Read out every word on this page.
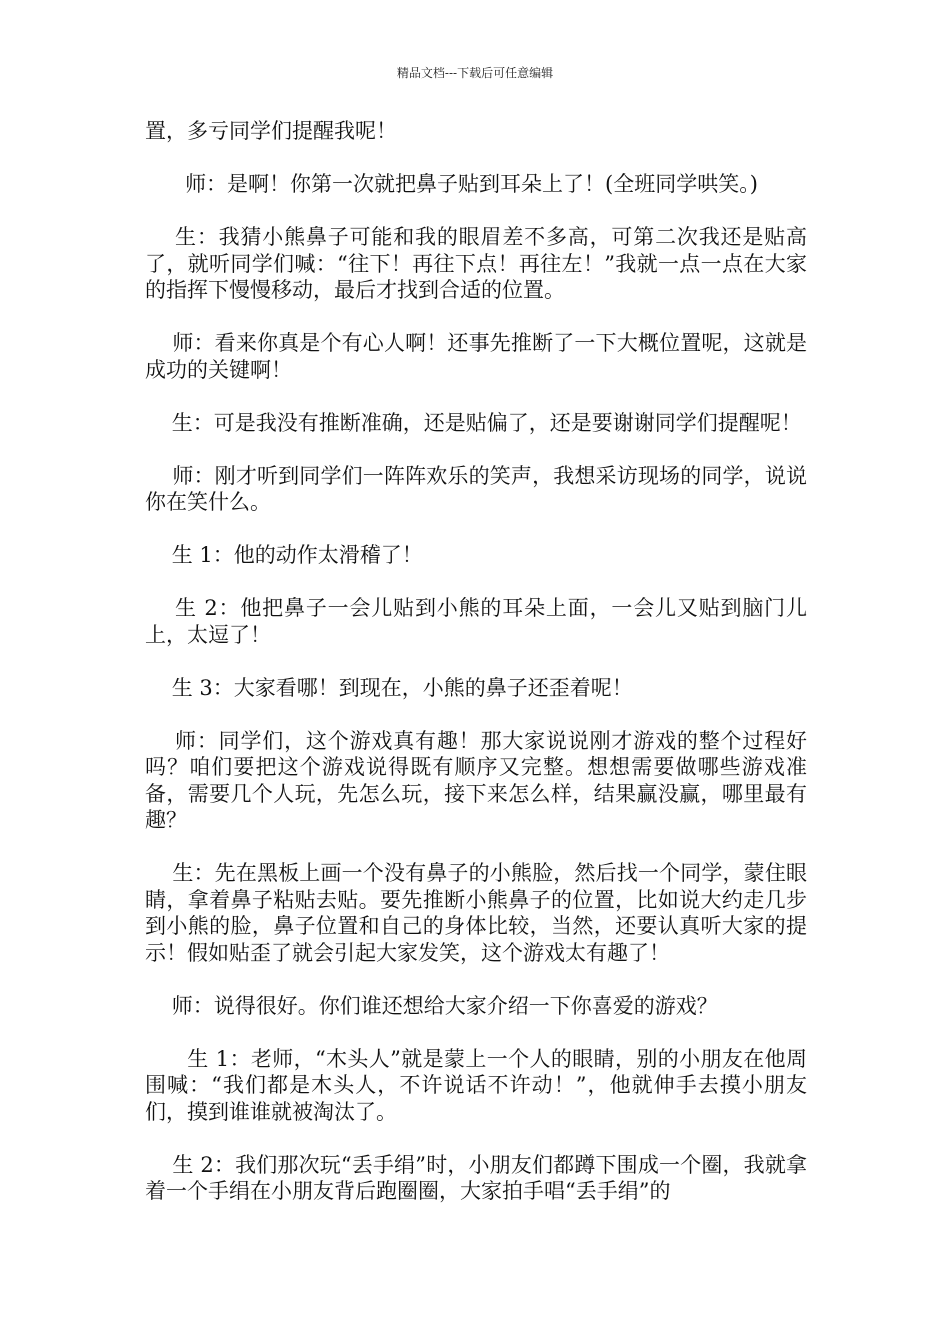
精品文档---下载后可任意编辑

置，多亏同学们提醒我呢！

师：是啊！你第一次就把鼻子贴到耳朵上了！(全班同学哄笑。)

生：我猜小熊鼻子可能和我的眼眉差不多高，可第二次我还是贴高了，就听同学们喊：“往下！再往下点！再往左！”我就一点一点在大家的指挥下慢慢移动，最后才找到合适的位置。

师：看来你真是个有心人啊！还事先推断了一下大概位置呢，这就是成功的关键啊！

生：可是我没有推断准确，还是贴偏了，还是要谢谢同学们提醒呢！

师：刚才听到同学们一阵阵欢乐的笑声，我想采访现场的同学，说说你在笑什么。

生 1：他的动作太滑稽了！

生 2：他把鼻子一会儿贴到小熊的耳朵上面，一会儿又贴到脑门儿上，太逗了！

生 3：大家看哪！到现在，小熊的鼻子还歪着呢！

师：同学们，这个游戏真有趣！那大家说说刚才游戏的整个过程好吗？咱们要把这个游戏说得既有顺序又完整。想想需要做哪些游戏准备，需要几个人玩，先怎么玩，接下来怎么样，结果赢没赢，哪里最有趣？

生：先在黑板上画一个没有鼻子的小熊脸，然后找一个同学，蒙住眼睛，拿着鼻子粘贴去贴。要先推断小熊鼻子的位置，比如说大约走几步到小熊的脸，鼻子位置和自己的身体比较，当然，还要认真听大家的提示！假如贴歪了就会引起大家发笑，这个游戏太有趣了！

师：说得很好。你们谁还想给大家介绍一下你喜爱的游戏？

生 1：老师，“木头人”就是蒙上一个人的眼睛，别的小朋友在他周围喊：“我们都是木头人，不许说话不许动！”，他就伸手去摸小朋友们，摸到谁谁就被淘汰了。

生 2：我们那次玩“丢手绢”时，小朋友们都蹲下围成一个圈，我就拿着一个手绢在小朋友背后跑圈圈，大家拍手唱“丢手绢”的
